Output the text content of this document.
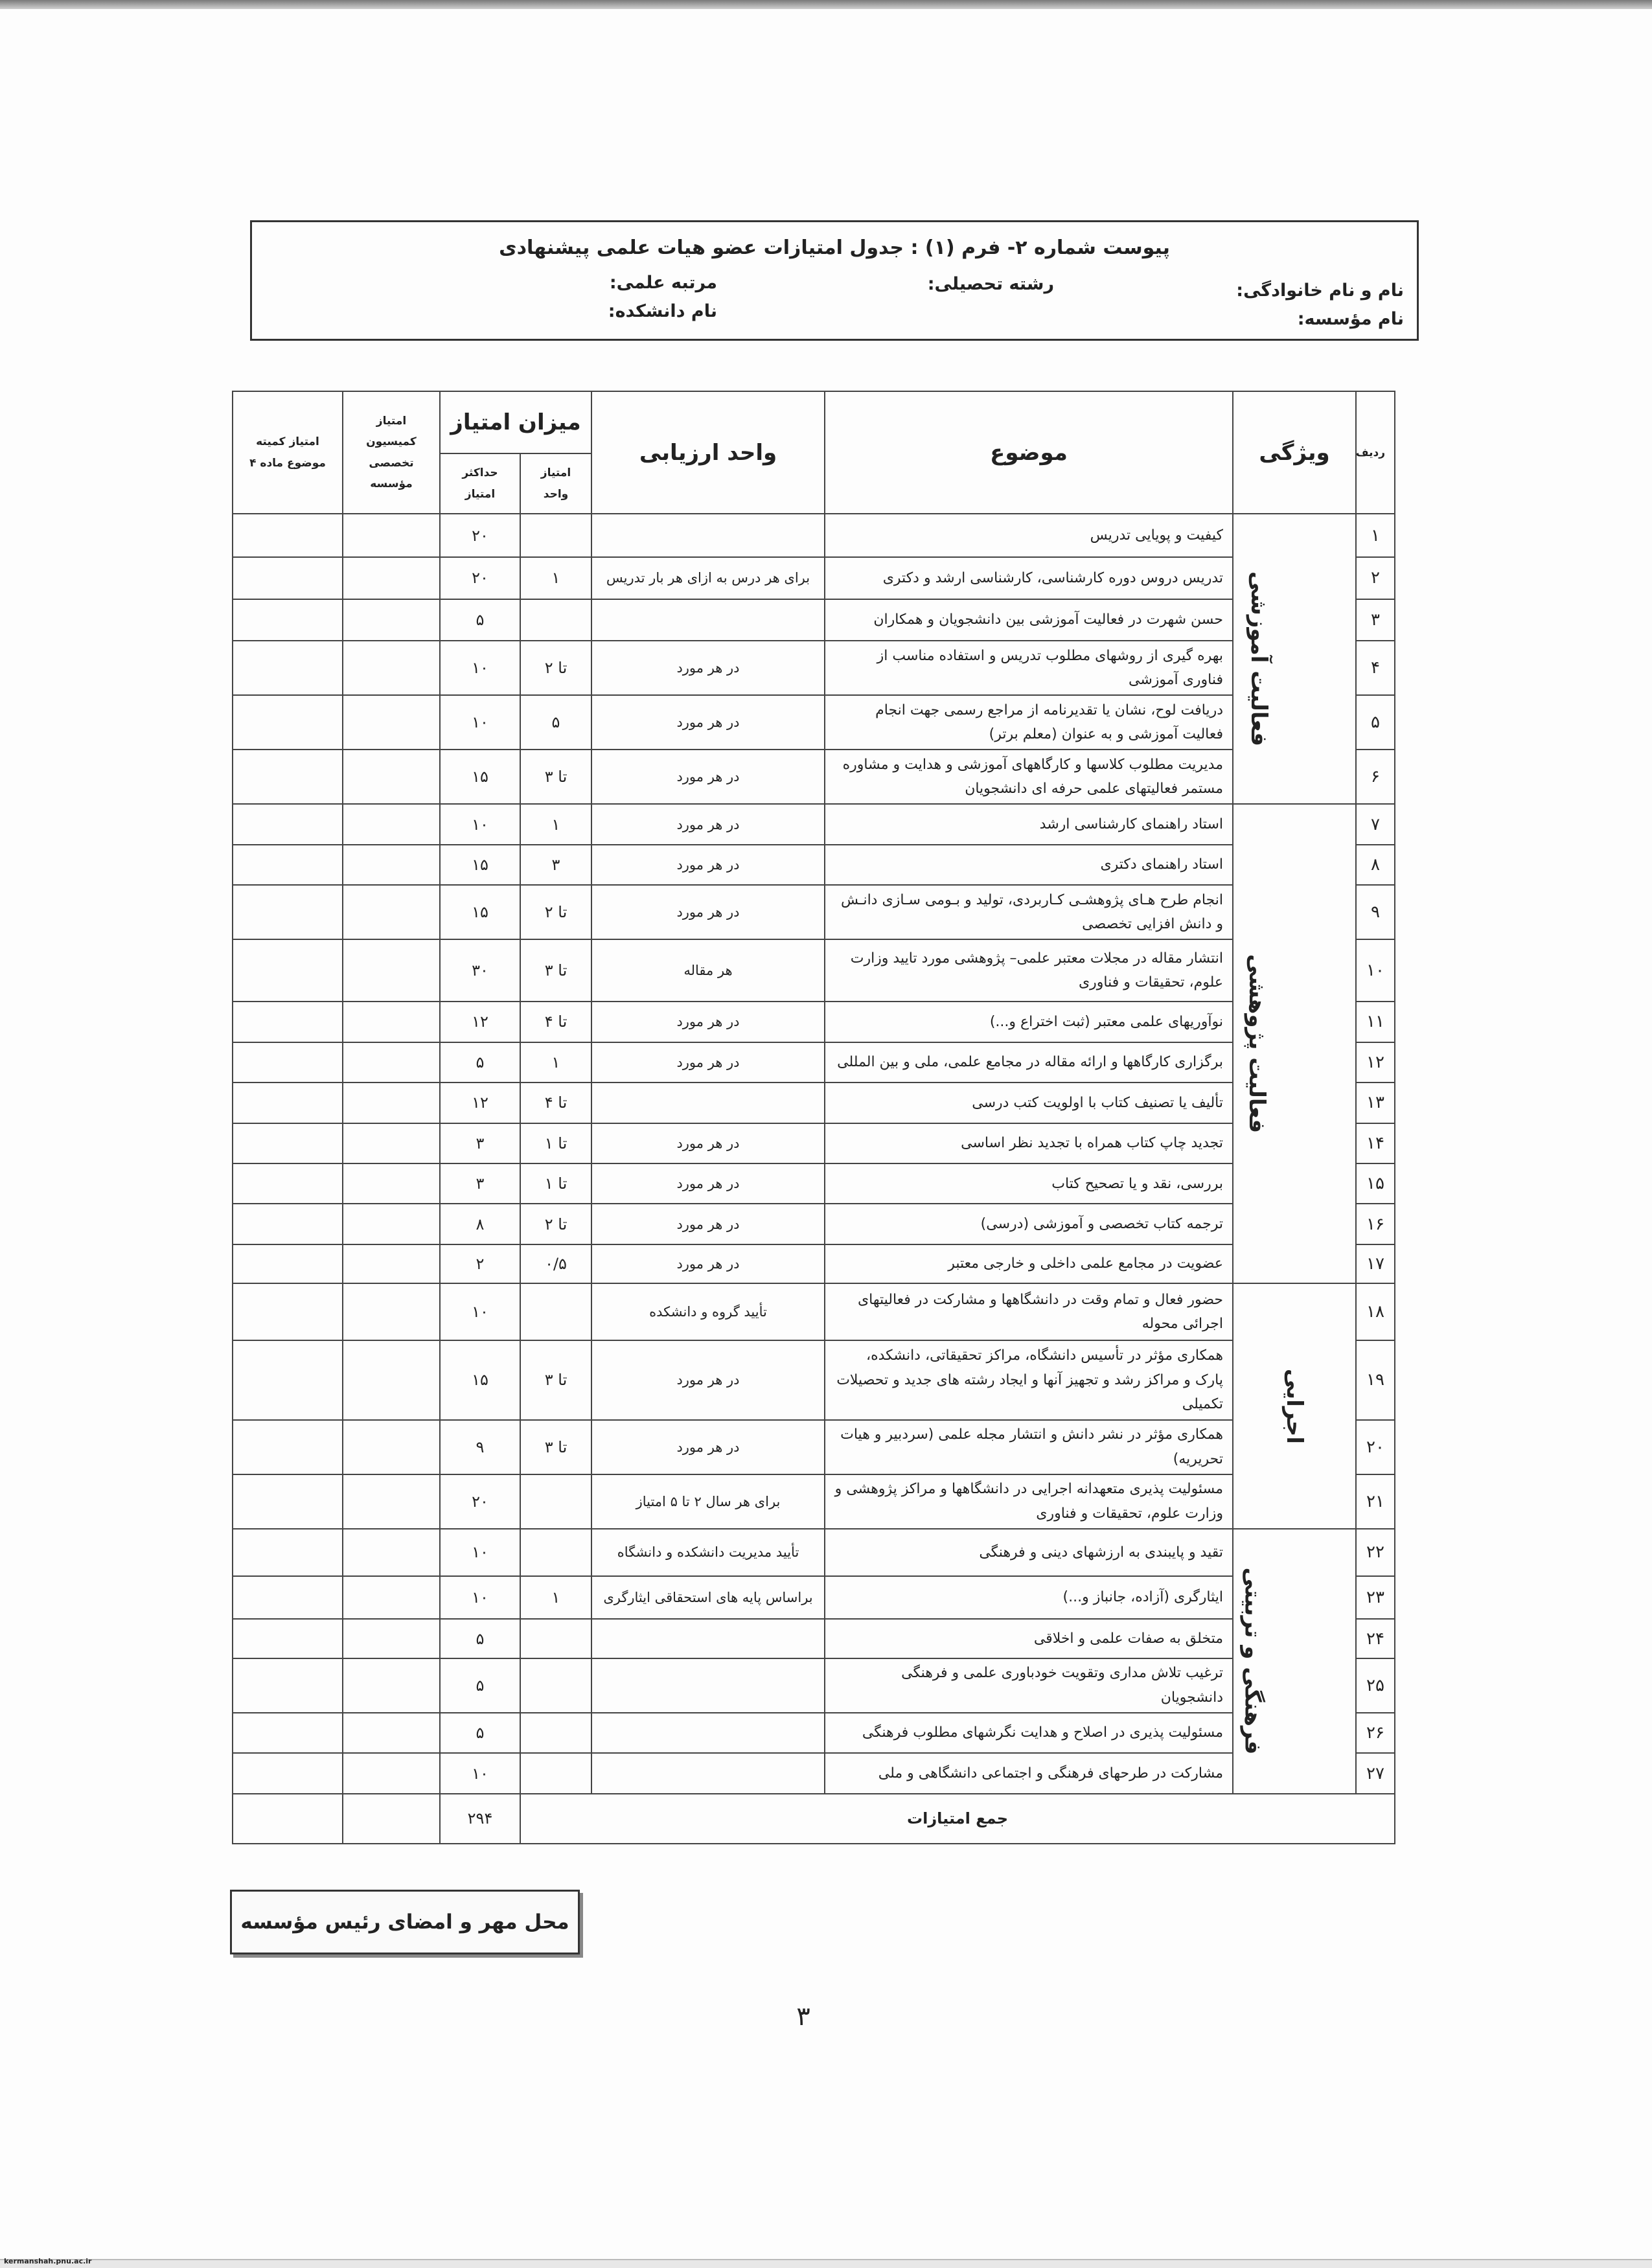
پیوست شماره ۲- فرم (۱) : جدول امتیازات عضو هیات علمی پیشنهادی
نام و نام خانوادگی:
نام مؤسسه:
رشته تحصیلی:
مرتبه علمی:
نام دانشکده:
ردیف	ویژگی	موضوع	واحد ارزیابی	میزان امتیاز		امتیاز کمیسیون تخصصی مؤسسه	امتیاز کمیته موضوع ماده ۴
				امتیاز واحد	حداکثر امتیاز		
۱	فعالیت آموزشی	کیفیت و پویایی تدریس			۲۰		
۲		تدریس دروس دوره کارشناسی، کارشناسی ارشد و دکتری	برای هر درس به ازای هر بار تدریس	۱	۲۰		
۳		حسن شهرت در فعالیت آموزشی بین دانشجویان و همکاران			۵		
۴		بهره گیری از روشهای مطلوب تدریس و استفاده مناسب از فناوری آموزشی	در هر مورد	تا ۲	۱۰		
۵		دریافت لوح، نشان یا تقدیرنامه از مراجع رسمی جهت انجام فعالیت آموزشی و به عنوان (معلم برتر)	در هر مورد	۵	۱۰		
۶		مدیریت مطلوب کلاسها و کارگاههای آموزشی و هدایت و مشاوره مستمر فعالیتهای علمی حرفه ای دانشجویان	در هر مورد	تا ۳	۱۵		
۷	فعالیت پژوهشی	استاد راهنمای کارشناسی ارشد	در هر مورد	۱	۱۰		
۸		استاد راهنمای دکتری	در هر مورد	۳	۱۵		
۹		انجام طرح هـای پژوهشـی کـاربردی، تولید و بـومی سـازی دانـش و دانش افزایی تخصصی	در هر مورد	تا ۲	۱۵		
۱۰		انتشار مقاله در مجلات معتبر علمی– پژوهشی مورد تایید وزارت علوم، تحقیقات و فناوری	هر مقاله	تا ۳	۳۰		
۱۱		نوآوریهای علمی معتبر (ثبت اختراع و...)	در هر مورد	تا ۴	۱۲		
۱۲		برگزاری کارگاهها و ارائه مقاله در مجامع علمی، ملی و بین المللی	در هر مورد	۱	۵		
۱۳		تألیف یا تصنیف کتاب با اولویت کتب درسی		تا ۴	۱۲		
۱۴		تجدید چاپ کتاب همراه با تجدید نظر اساسی	در هر مورد	تا ۱	۳		
۱۵		بررسی، نقد و یا تصحیح کتاب	در هر مورد	تا ۱	۳		
۱۶		ترجمه کتاب تخصصی و آموزشی (درسی)	در هر مورد	تا ۲	۸		
۱۷		عضویت در مجامع علمی داخلی و خارجی معتبر	در هر مورد	۰/۵	۲		
۱۸	اجرایی	حضور فعال و تمام وقت در دانشگاهها و مشارکت در فعالیتهای اجرائی محوله	تأیید گروه و دانشکده		۱۰		
۱۹		همکاری مؤثر در تأسیس دانشگاه، مراکز تحقیقاتی، دانشکده، پارک و مراکز رشد و تجهیز آنها و ایجاد رشته های جدید و تحصیلات تکمیلی	در هر مورد	تا ۳	۱۵		
۲۰		همکاری مؤثر در نشر دانش و انتشار مجله علمی (سردبیر و هیات تحریریه)	در هر مورد	تا ۳	۹		
۲۱		مسئولیت پذیری متعهدانه اجرایی در دانشگاهها و مراکز پژوهشی و وزارت علوم، تحقیقات و فناوری	برای هر سال ۲ تا ۵ امتیاز		۲۰		
۲۲	فرهنگی و تربیتی	تقید و پایبندی به ارزشهای دینی و فرهنگی	تأیید مدیریت دانشکده و دانشگاه		۱۰		
۲۳		ایثارگری (آزاده، جانباز و...)	براساس پایه های استحقاقی ایثارگری	۱	۱۰		
۲۴		متخلق به صفات علمی و اخلاقی			۵		
۲۵		ترغیب تلاش مداری وتقویت خودباوری علمی و فرهنگی دانشجویان			۵		
۲۶		مسئولیت پذیری در اصلاح و هدایت نگرشهای مطلوب فرهنگی			۵		
۲۷		مشارکت در طرحهای فرهنگی و اجتماعی دانشگاهی و ملی			۱۰		
جمع امتیازات					۲۹۴		
محل مهر و امضای رئیس مؤسسه
۳
kermanshah.pnu.ac.ir
